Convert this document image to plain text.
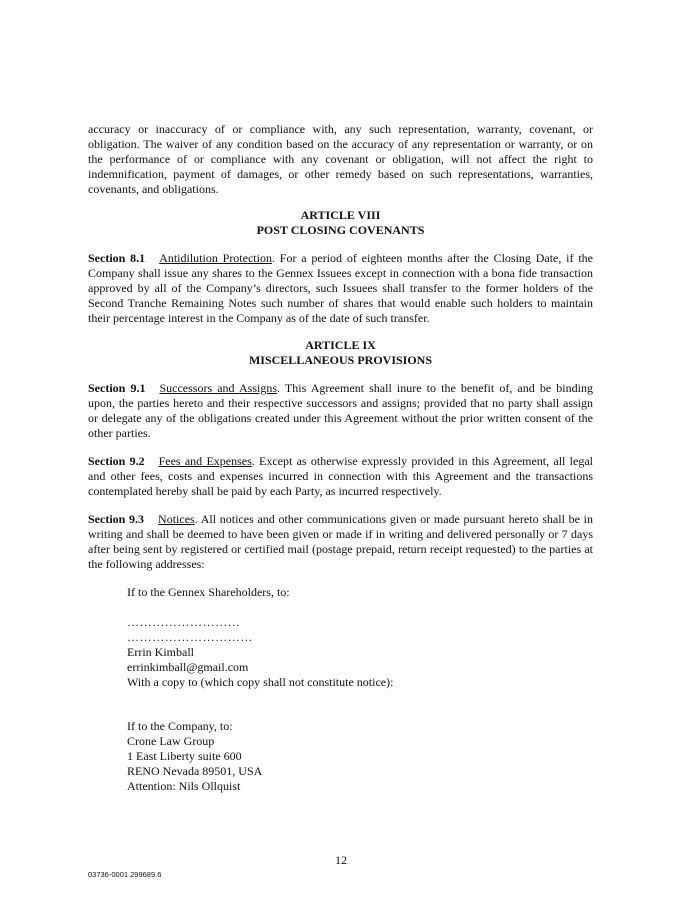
accuracy or inaccuracy of or compliance with, any such representation, warranty, covenant, or obligation. The waiver of any condition based on the accuracy of any representation or warranty, or on the performance of or compliance with any covenant or obligation, will not affect the right to indemnification, payment of damages, or other remedy based on such representations, warranties, covenants, and obligations.

ARTICLE VIII
POST CLOSING COVENANTS

Section 8.1 Antidilution Protection. For a period of eighteen months after the Closing Date, if the Company shall issue any shares to the Gennex Issuees except in connection with a bona fide transaction approved by all of the Company’s directors, such Issuees shall transfer to the former holders of the Second Tranche Remaining Notes such number of shares that would enable such holders to maintain their percentage interest in the Company as of the date of such transfer.

ARTICLE IX
MISCELLANEOUS PROVISIONS

Section 9.1 Successors and Assigns. This Agreement shall inure to the benefit of, and be binding upon, the parties hereto and their respective successors and assigns; provided that no party shall assign or delegate any of the obligations created under this Agreement without the prior written consent of the other parties.

Section 9.2 Fees and Expenses. Except as otherwise expressly provided in this Agreement, all legal and other fees, costs and expenses incurred in connection with this Agreement and the transactions contemplated hereby shall be paid by each Party, as incurred respectively.

Section 9.3 Notices. All notices and other communications given or made pursuant hereto shall be in writing and shall be deemed to have been given or made if in writing and delivered personally or 7 days after being sent by registered or certified mail (postage prepaid, return receipt requested) to the parties at the following addresses:

If to the Gennex Shareholders, to:
………………………
…………………………
Errin Kimball
errinkimball@gmail.com
With a copy to (which copy shall not constitute notice):
If to the Company, to:
Crone Law Group
1 East Liberty suite 600
RENO Nevada 89501, USA
Attention: Nils Ollquist
12
03736-0001 299689.6
